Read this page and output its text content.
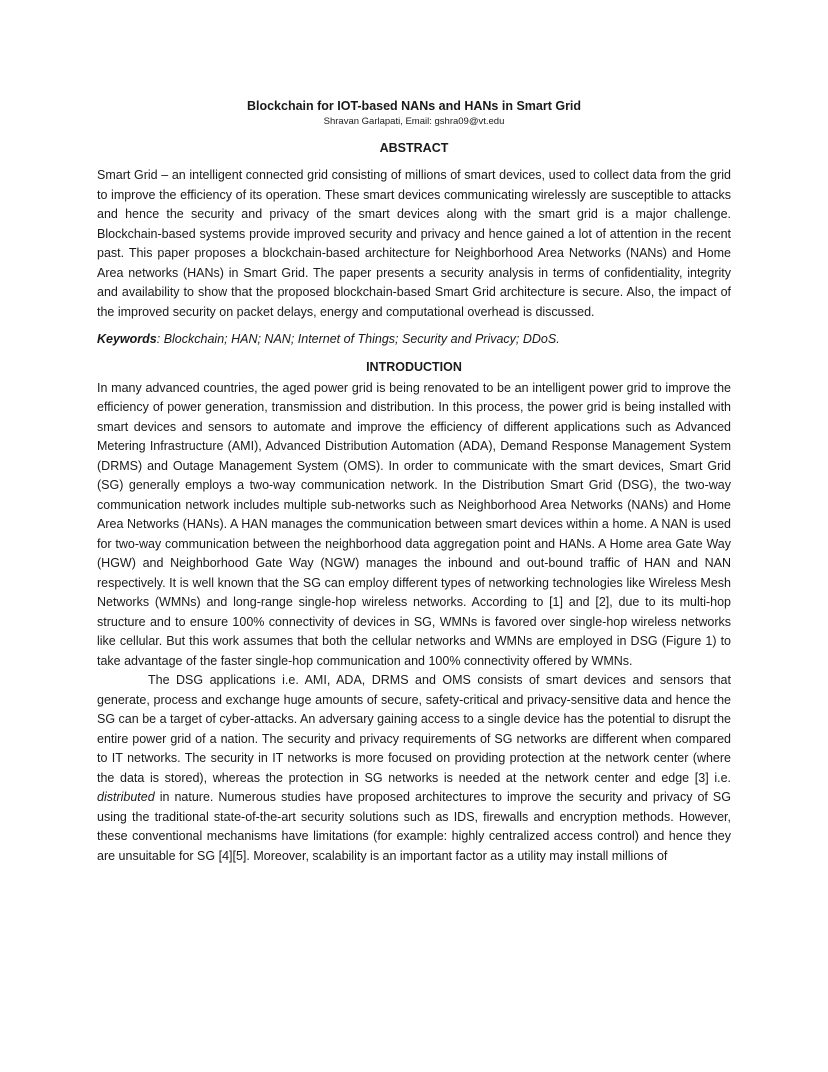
Blockchain for IOT-based NANs and HANs in Smart Grid

Shravan Garlapati, Email: gshra09@vt.edu

ABSTRACT

Smart Grid – an intelligent connected grid consisting of millions of smart devices, used to collect data from the grid to improve the efficiency of its operation. These smart devices communicating wirelessly are susceptible to attacks and hence the security and privacy of the smart devices along with the smart grid is a major challenge. Blockchain-based systems provide improved security and privacy and hence gained a lot of attention in the recent past. This paper proposes a blockchain-based architecture for Neighborhood Area Networks (NANs) and Home Area networks (HANs) in Smart Grid. The paper presents a security analysis in terms of confidentiality, integrity and availability to show that the proposed blockchain-based Smart Grid architecture is secure. Also, the impact of the improved security on packet delays, energy and computational overhead is discussed.

Keywords: Blockchain; HAN; NAN; Internet of Things; Security and Privacy; DDoS.

INTRODUCTION

In many advanced countries, the aged power grid is being renovated to be an intelligent power grid to improve the efficiency of power generation, transmission and distribution. In this process, the power grid is being installed with smart devices and sensors to automate and improve the efficiency of different applications such as Advanced Metering Infrastructure (AMI), Advanced Distribution Automation (ADA), Demand Response Management System (DRMS) and Outage Management System (OMS). In order to communicate with the smart devices, Smart Grid (SG) generally employs a two-way communication network. In the Distribution Smart Grid (DSG), the two-way communication network includes multiple sub-networks such as Neighborhood Area Networks (NANs) and Home Area Networks (HANs). A HAN manages the communication between smart devices within a home. A NAN is used for two-way communication between the neighborhood data aggregation point and HANs. A Home area Gate Way (HGW) and Neighborhood Gate Way (NGW) manages the inbound and out-bound traffic of HAN and NAN respectively. It is well known that the SG can employ different types of networking technologies like Wireless Mesh Networks (WMNs) and long-range single-hop wireless networks. According to [1] and [2], due to its multi-hop structure and to ensure 100% connectivity of devices in SG, WMNs is favored over single-hop wireless networks like cellular. But this work assumes that both the cellular networks and WMNs are employed in DSG (Figure 1) to take advantage of the faster single-hop communication and 100% connectivity offered by WMNs.

The DSG applications i.e. AMI, ADA, DRMS and OMS consists of smart devices and sensors that generate, process and exchange huge amounts of secure, safety-critical and privacy-sensitive data and hence the SG can be a target of cyber-attacks. An adversary gaining access to a single device has the potential to disrupt the entire power grid of a nation. The security and privacy requirements of SG networks are different when compared to IT networks. The security in IT networks is more focused on providing protection at the network center (where the data is stored), whereas the protection in SG networks is needed at the network center and edge [3] i.e. distributed in nature. Numerous studies have proposed architectures to improve the security and privacy of SG using the traditional state-of-the-art security solutions such as IDS, firewalls and encryption methods. However, these conventional mechanisms have limitations (for example: highly centralized access control) and hence they are unsuitable for SG [4][5]. Moreover, scalability is an important factor as a utility may install millions of
